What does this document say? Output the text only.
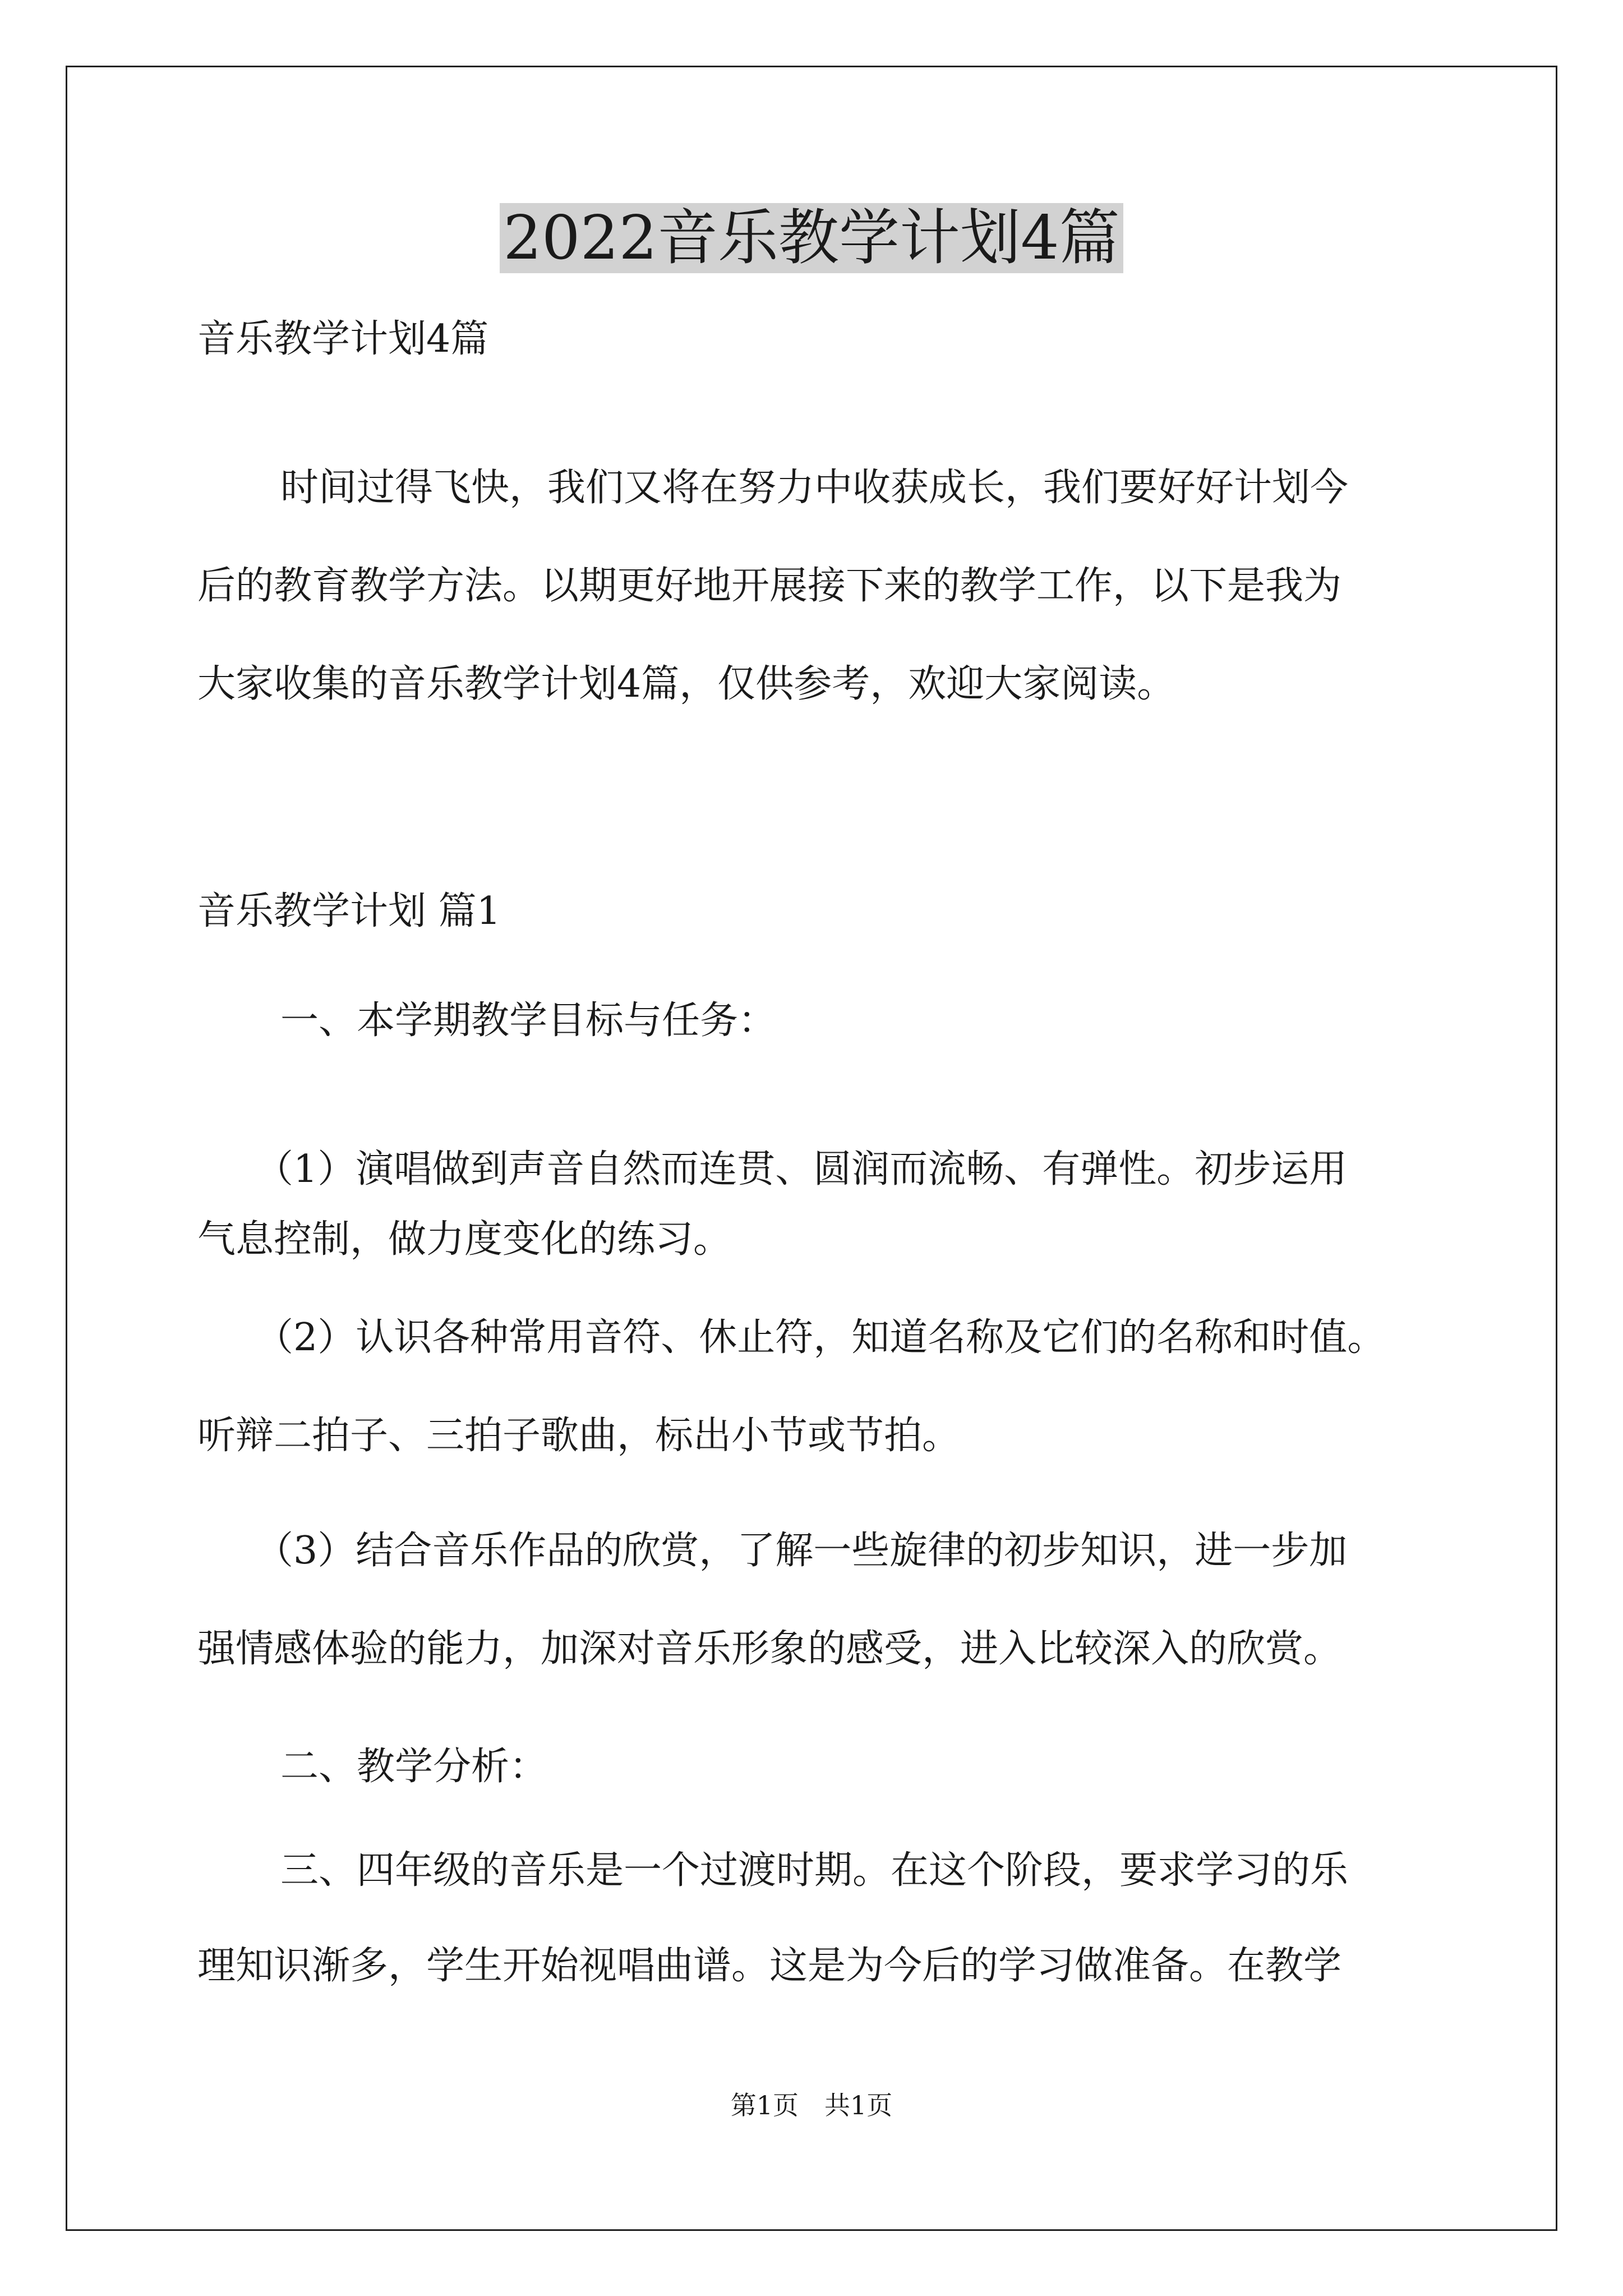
2022音乐教学计划4篇
音乐教学计划4篇
时间过得飞快，我们又将在努力中收获成长，我们要好好计划今
后的教育教学方法。以期更好地开展接下来的教学工作，以下是我为
大家收集的音乐教学计划4篇，仅供参考，欢迎大家阅读。
音乐教学计划 篇1
一、本学期教学目标与任务：
（1）演唱做到声音自然而连贯、圆润而流畅、有弹性。初步运用
气息控制，做力度变化的练习。
（2）认识各种常用音符、休止符，知道名称及它们的名称和时值。
听辩二拍子、三拍子歌曲，标出小节或节拍。
（3）结合音乐作品的欣赏，了解一些旋律的初步知识，进一步加
强情感体验的能力，加深对音乐形象的感受，进入比较深入的欣赏。
二、教学分析：
三、四年级的音乐是一个过渡时期。在这个阶段，要求学习的乐
理知识渐多，学生开始视唱曲谱。这是为今后的学习做准备。在教学
第1页　共1页
